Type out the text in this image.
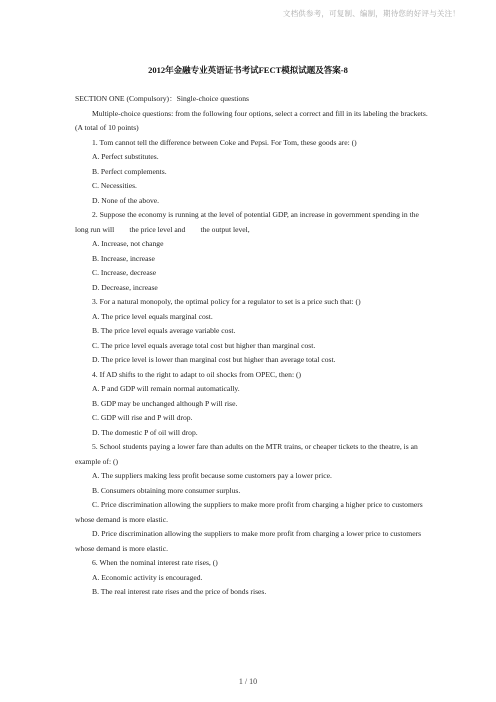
文档供参考，可复制、编制，期待您的好评与关注！
2012年金融专业英语证书考试FECT模拟试题及答案-8

SECTION ONE (Compulsory)：Single-choice questions

Multiple-choice questions: from the following four options, select a correct and fill in its labeling the brackets. (A total of 10 points)

1. Tom cannot tell the difference between Coke and Pepsi. For Tom, these goods are: ()

A. Perfect substitutes.

B. Perfect complements.

C. Necessities.

D. None of the above.

2. Suppose the economy is running at the level of potential GDP, an increase in government spending in the long run will　　the price level and　　the output level,

A. Increase, not change

B. Increase, increase

C. Increase, decrease

D. Decrease, increase

3. For a natural monopoly, the optimal policy for a regulator to set is a price such that: ()

A. The price level equals marginal cost.

B. The price level equals average variable cost.

C. The price level equals average total cost but higher than marginal cost.

D. The price level is lower than marginal cost but higher than average total cost.

4. If AD shifts to the right to adapt to oil shocks from OPEC, then: ()

A. P and GDP will remain normal automatically.

B. GDP may be unchanged although P will rise.

C. GDP will rise and P will drop.

D. The domestic P of oil will drop.

5. School students paying a lower fare than adults on the MTR trains, or cheaper tickets to the theatre, is an example of: ()

A. The suppliers making less profit because some customers pay a lower price.

B. Consumers obtaining more consumer surplus.

C. Price discrimination allowing the suppliers to make more profit from charging a higher price to customers whose demand is more elastic.

D. Price discrimination allowing the suppliers to make more profit from charging a lower price to customers whose demand is more elastic.

6. When the nominal interest rate rises, ()

A. Economic activity is encouraged.

B. The real interest rate rises and the price of bonds rises.

1 / 10
